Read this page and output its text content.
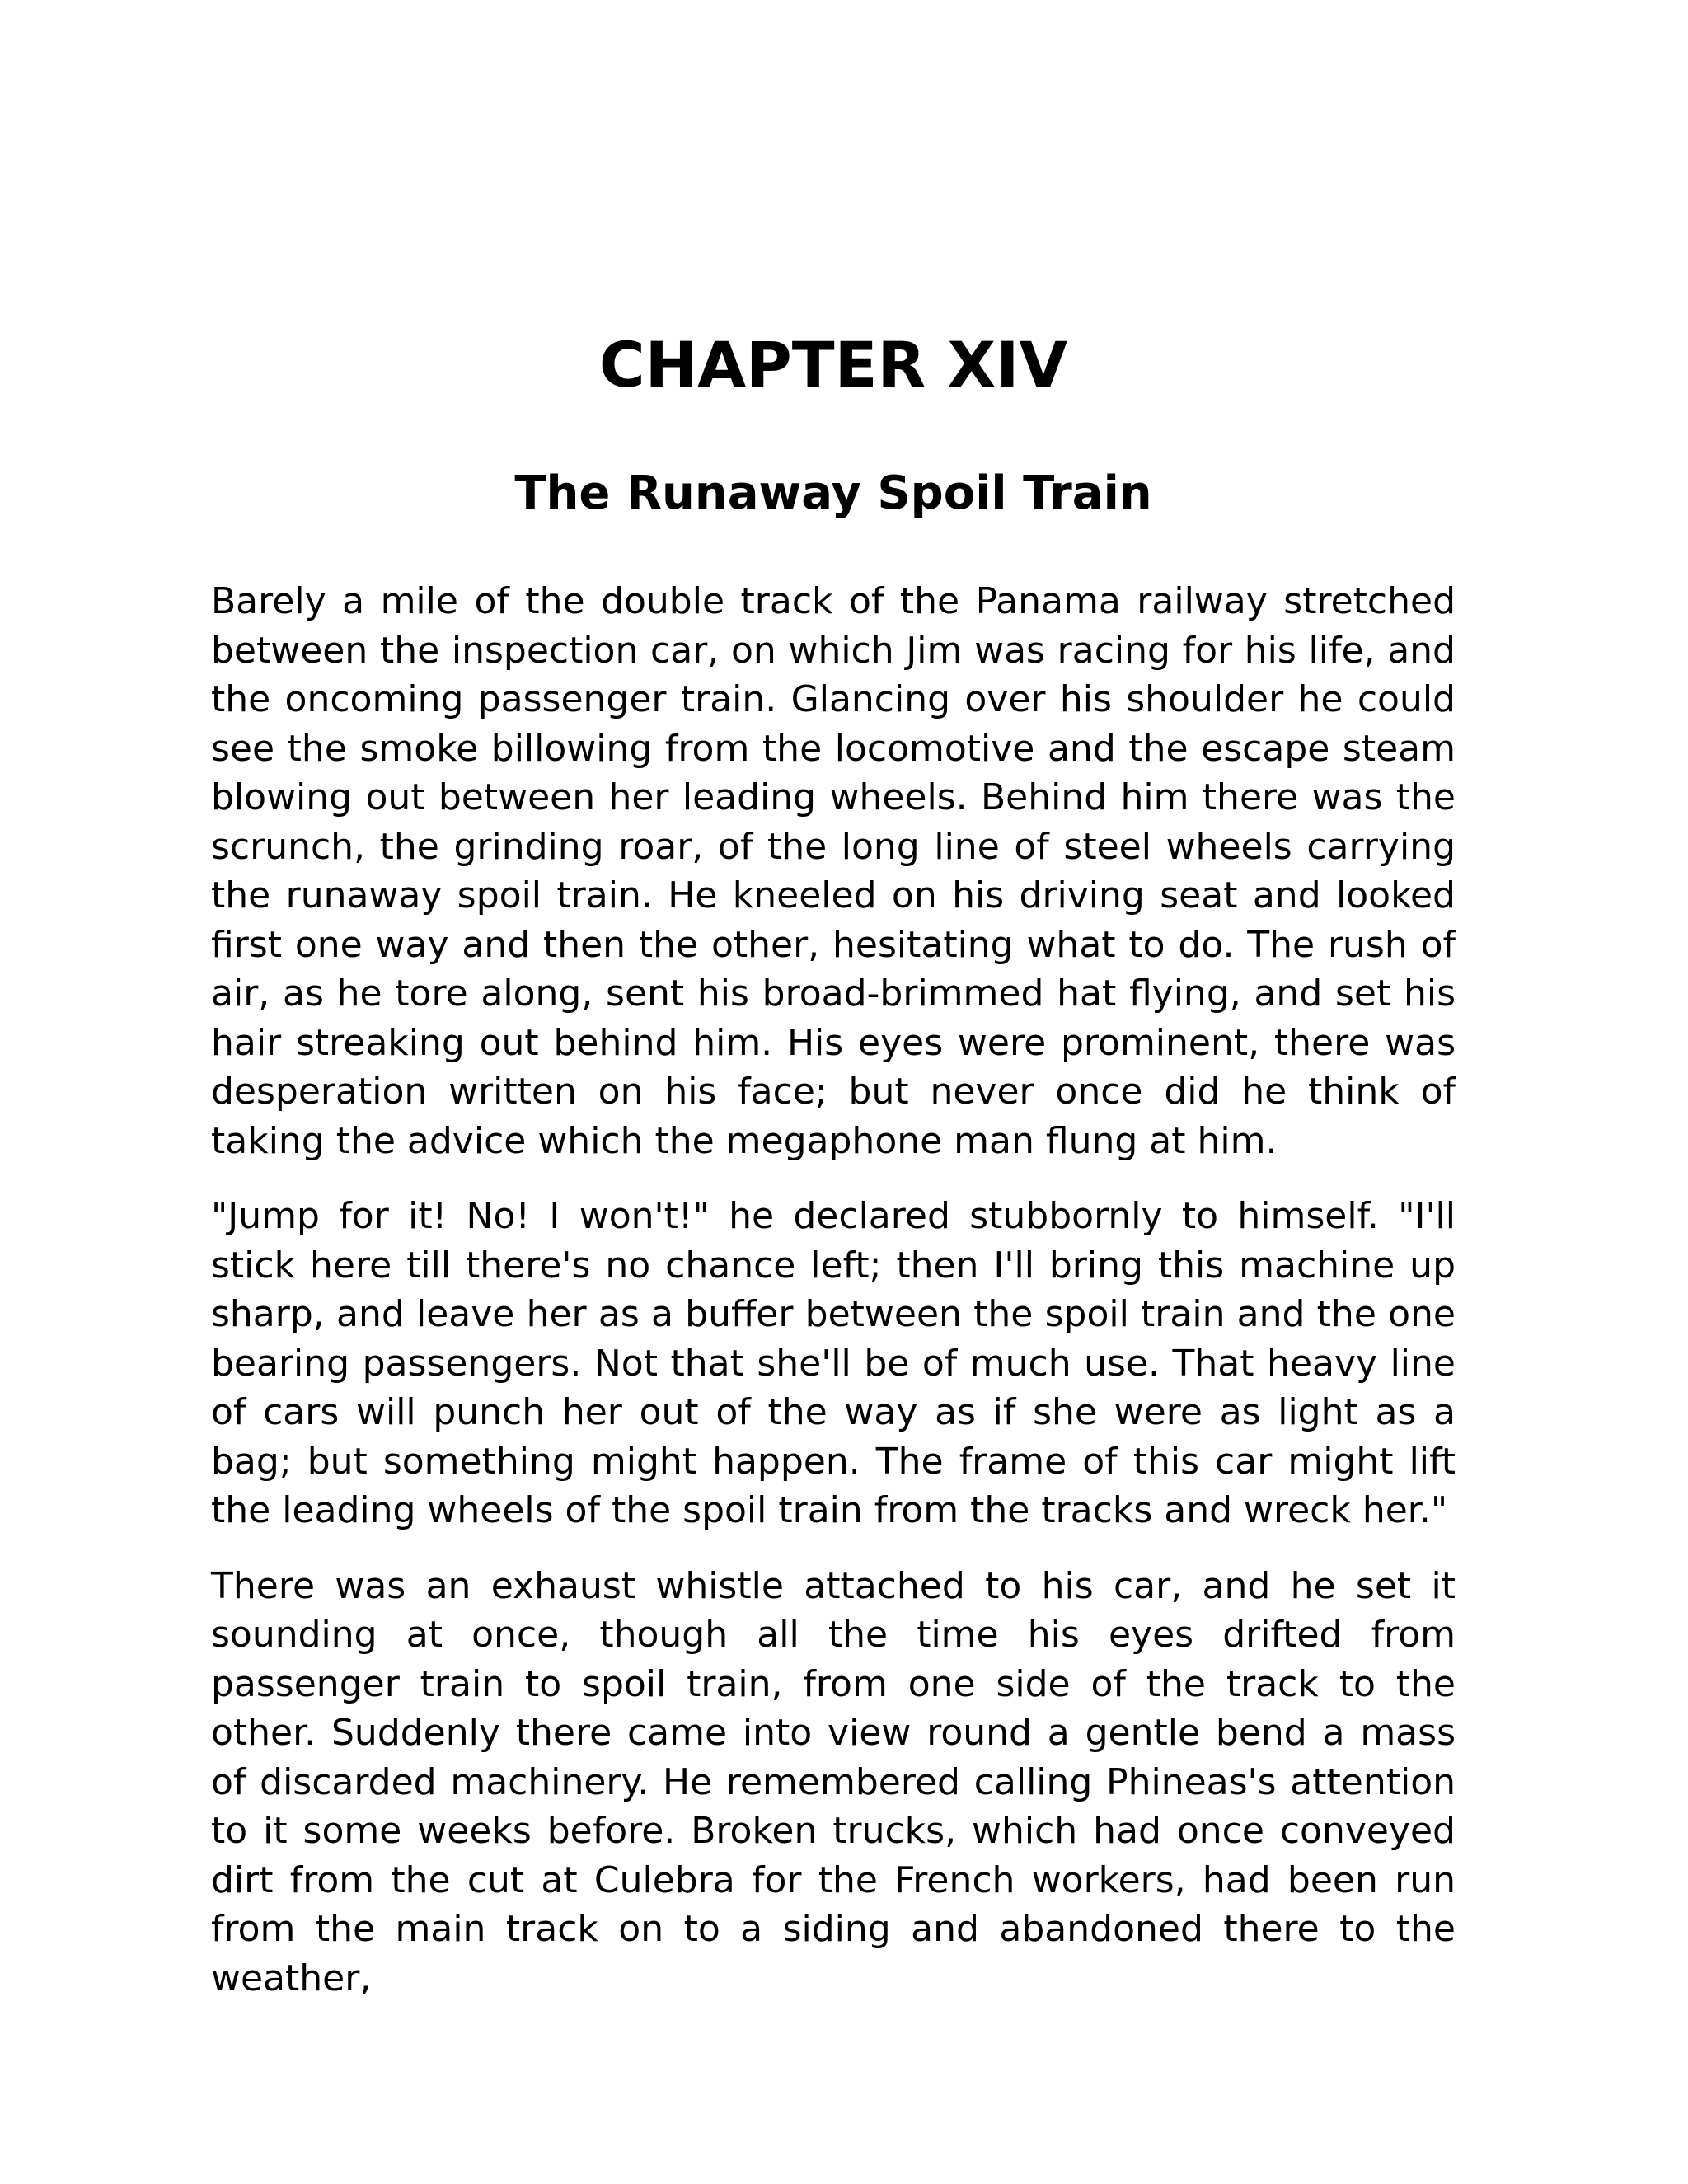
CHAPTER XIV
The Runaway Spoil Train

Barely a mile of the double track of the Panama railway stretched between the inspection car, on which Jim was racing for his life, and the oncoming passenger train. Glancing over his shoulder he could see the smoke billowing from the locomotive and the escape steam blowing out between her leading wheels. Behind him there was the scrunch, the grinding roar, of the long line of steel wheels carrying the runaway spoil train. He kneeled on his driving seat and looked first one way and then the other, hesitating what to do. The rush of air, as he tore along, sent his broad-brimmed hat flying, and set his hair streaking out behind him. His eyes were prominent, there was desperation written on his face; but never once did he think of taking the advice which the megaphone man flung at him.

"Jump for it! No! I won't!" he declared stubbornly to himself. "I'll stick here till there's no chance left; then I'll bring this machine up sharp, and leave her as a buffer between the spoil train and the one bearing passengers. Not that she'll be of much use. That heavy line of cars will punch her out of the way as if she were as light as a bag; but something might happen. The frame of this car might lift the leading wheels of the spoil train from the tracks and wreck her."

There was an exhaust whistle attached to his car, and he set it sounding at once, though all the time his eyes drifted from passenger train to spoil train, from one side of the track to the other. Suddenly there came into view round a gentle bend a mass of discarded machinery. He remembered calling Phineas's attention to it some weeks before. Broken trucks, which had once conveyed dirt from the cut at Culebra for the French workers, had been run from the main track on to a siding and abandoned there to the weather,
